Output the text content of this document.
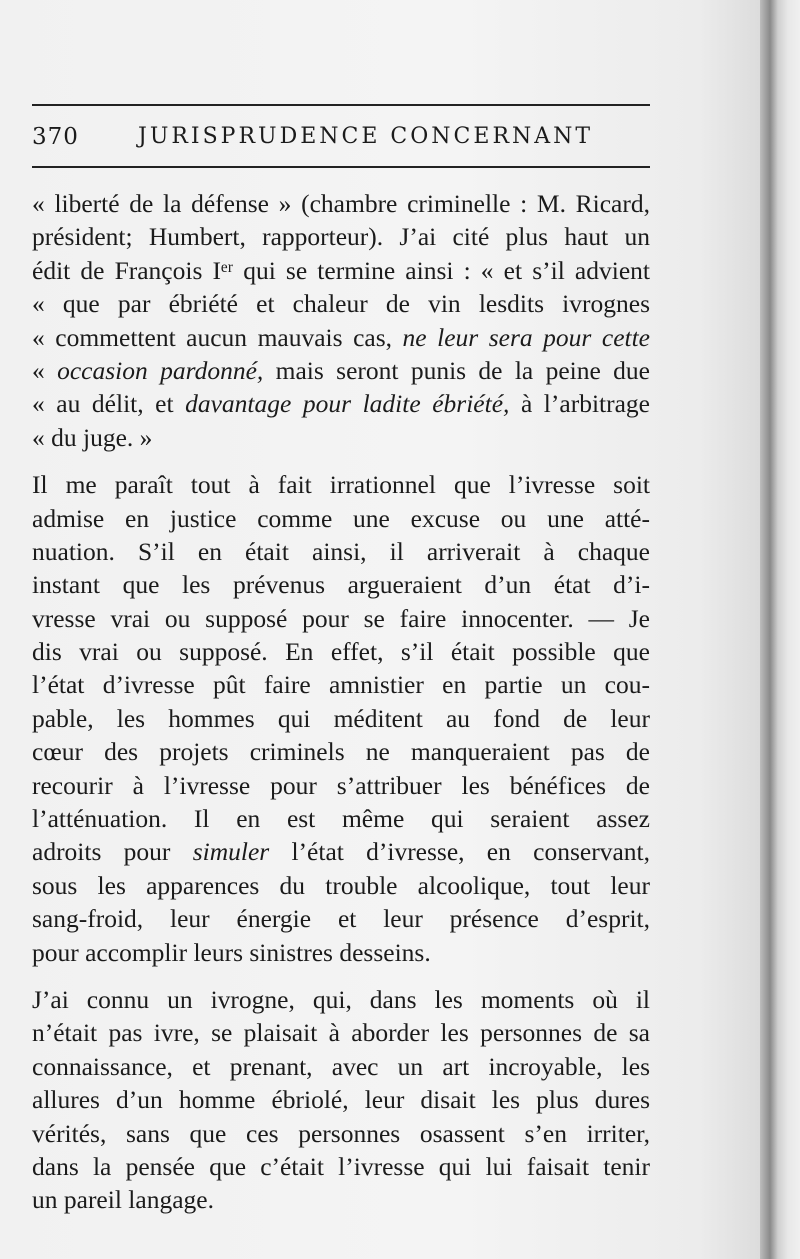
370	JURISPRUDENCE CONCERNANT
« liberté de la défense » (chambre criminelle : M. Ricard,
président; Humbert, rapporteur). J’ai cité plus haut un
édit de François Iᵉʳ qui se termine ainsi : « et s’il advient
« que par ébriété et chaleur de vin lesdits ivrognes
« commettent aucun mauvais cas, ne leur sera pour cette
« occasion pardonné, mais seront punis de la peine due
« au délit, et davantage pour ladite ébriété, à l’arbitrage
« du juge. »
Il me paraît tout à fait irrationnel que l’ivresse soit
admise en justice comme une excuse ou une atté-
nuation. S’il en était ainsi, il arriverait à chaque
instant que les prévenus argueraient d’un état d’i-
vresse vrai ou supposé pour se faire innocenter. — Je
dis vrai ou supposé. En effet, s’il était possible que
l’état d’ivresse pût faire amnistier en partie un cou-
pable, les hommes qui méditent au fond de leur
cœur des projets criminels ne manqueraient pas de
recourir à l’ivresse pour s’attribuer les bénéfices de
l’atténuation. Il en est même qui seraient assez
adroits pour simuler l’état d’ivresse, en conservant,
sous les apparences du trouble alcoolique, tout leur
sang-froid, leur énergie et leur présence d’esprit,
pour accomplir leurs sinistres desseins.
J’ai connu un ivrogne, qui, dans les moments où il
n’était pas ivre, se plaisait à aborder les personnes de sa
connaissance, et prenant, avec un art incroyable, les
allures d’un homme ébriolé, leur disait les plus dures
vérités, sans que ces personnes osassent s’en irriter,
dans la pensée que c’était l’ivresse qui lui faisait tenir
un pareil langage.
